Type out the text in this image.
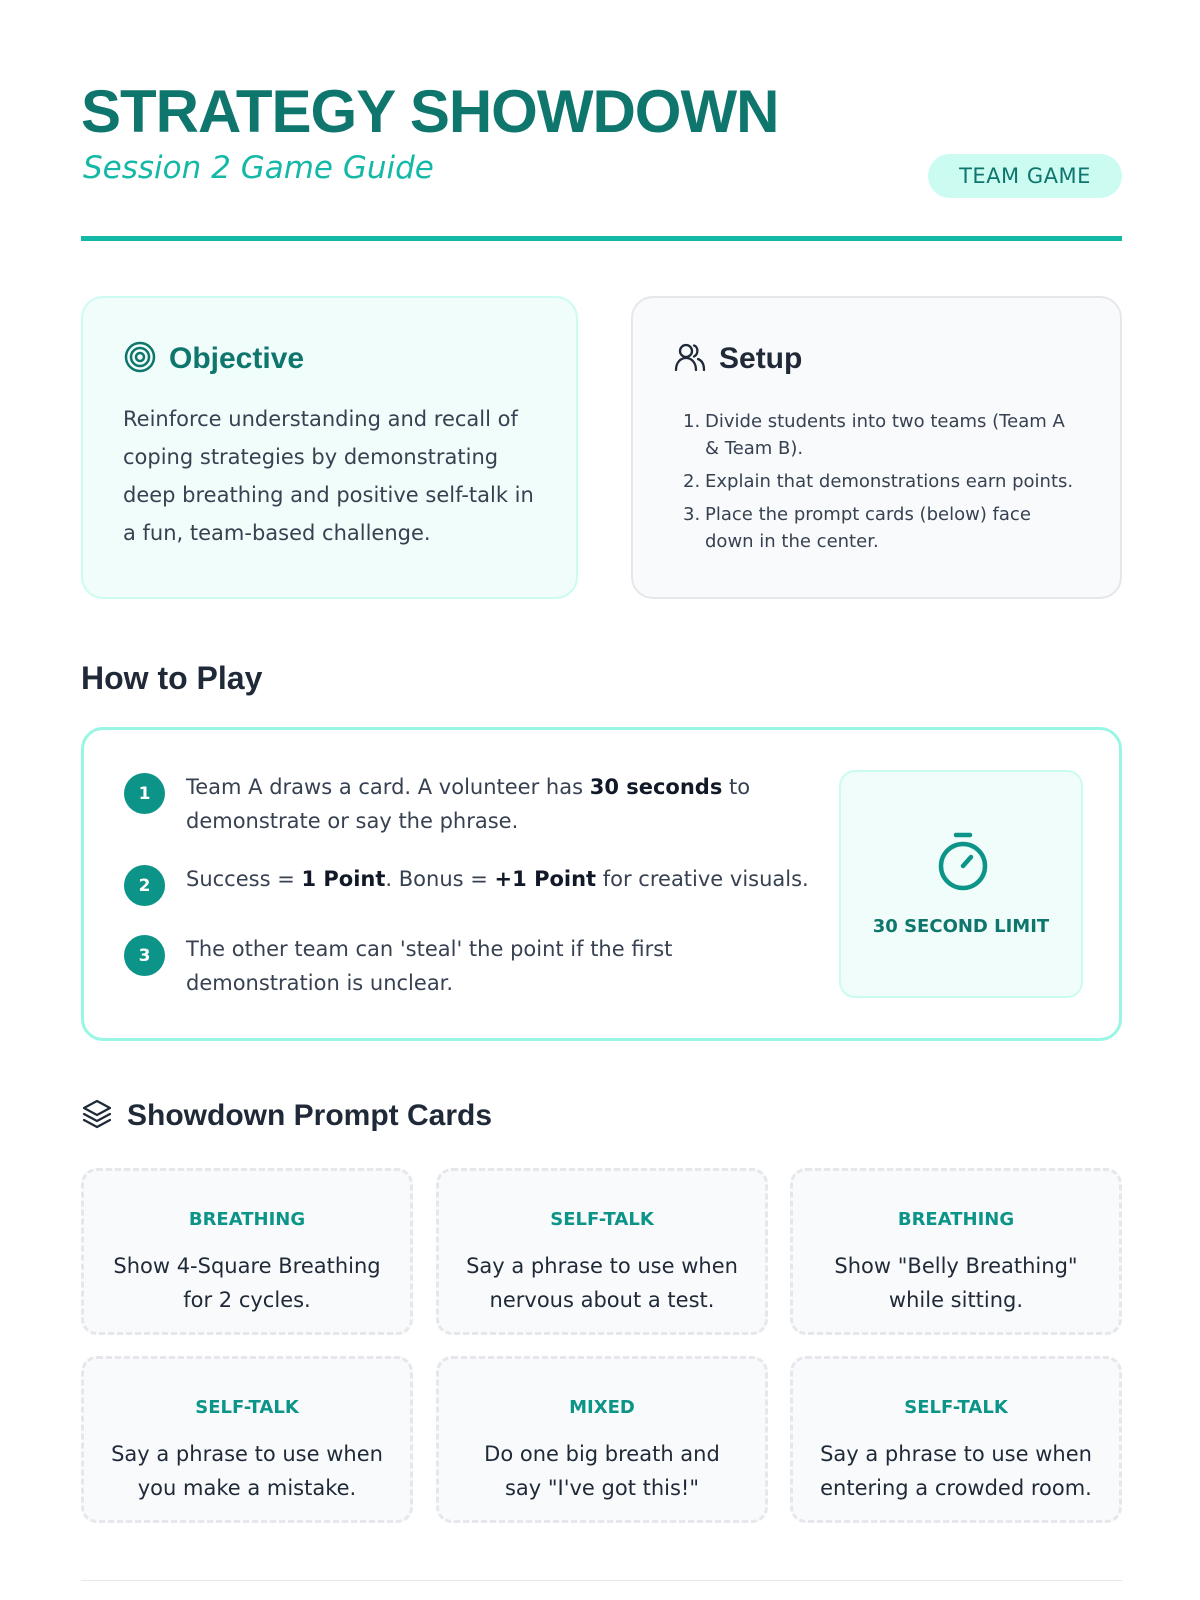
STRATEGY SHOWDOWN
Session 2 Game Guide	TEAM GAME
Objective
Reinforce understanding and recall of coping strategies by demonstrating deep breathing and positive self-talk in a fun, team-based challenge.
Setup
1. Divide students into two teams (Team A & Team B).
2. Explain that demonstrations earn points.
3. Place the prompt cards (below) face down in the center.
How to Play
1	Team A draws a card. A volunteer has 30 seconds to demonstrate or say the phrase.
2	Success = 1 Point. Bonus = +1 Point for creative visuals.
3	The other team can 'steal' the point if the first demonstration is unclear.
30 SECOND LIMIT
Showdown Prompt Cards
BREATHING
Show 4-Square Breathing for 2 cycles.
SELF-TALK
Say a phrase to use when nervous about a test.
BREATHING
Show "Belly Breathing" while sitting.
SELF-TALK
Say a phrase to use when you make a mistake.
MIXED
Do one big breath and say "I've got this!"
SELF-TALK
Say a phrase to use when entering a crowded room.
